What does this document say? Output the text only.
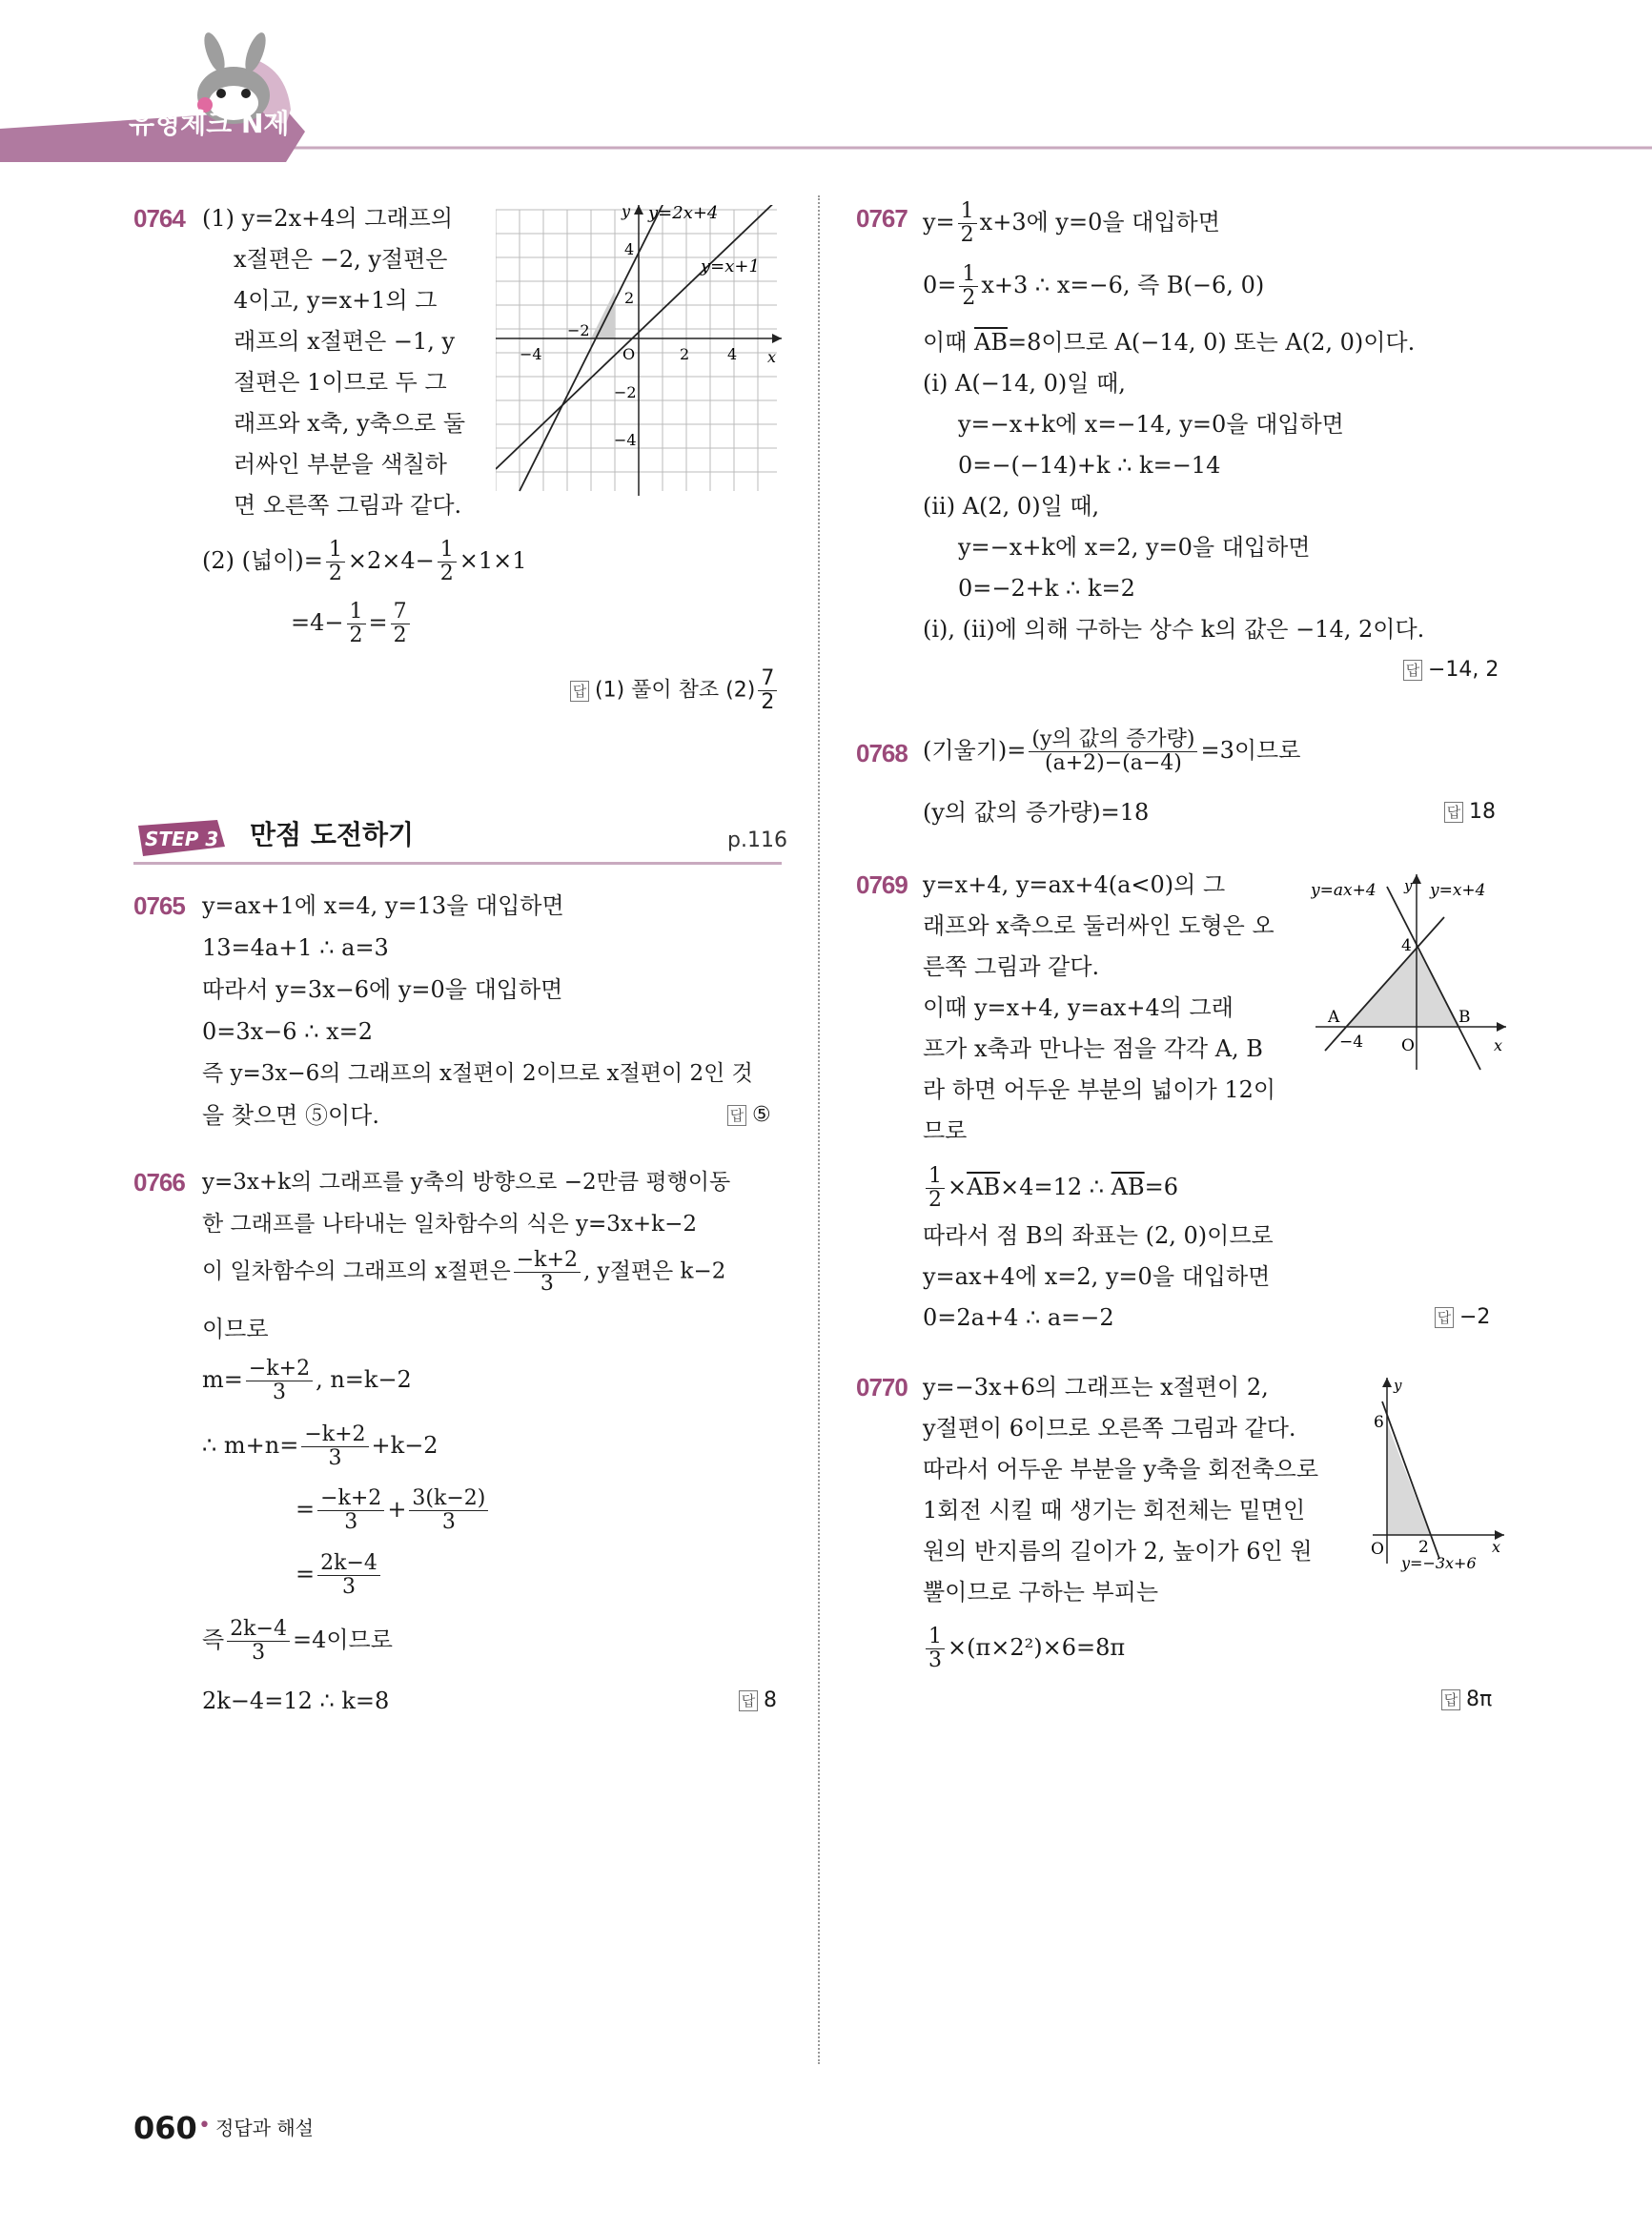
유형체크 N제
0764 (1) y=2x+4의 그래프의
x절편은 −2, y절편은
4이고, y=x+1의 그
래프의 x절편은 −1, y
절편은 1이므로 두 그
래프와 x축, y축으로 둘
러싸인 부분을 색칠하
면 오른쪽 그림과 같다.
y=2x+4
y=x+1
y
x
O
4
2
−2
−4
2 4
−2
−4
(2) (넓이)= $\frac{1}{2} \times 2\times 4- \frac{1}{2} \times 1\times 1$
$=4- \frac{1}{2} = \frac{7}{2}$
답 (1) 풀이 참조 $(2) \frac{7}{2}$
STEP 3 만점 도전하기	p.116
0765 y=ax+1에 x=4, y=13을 대입하면
13=4a+1 ∴ a=3
따라서 y=3x−6에 y=0을 대입하면
0=3x−6 ∴ x=2
즉 y=3x−6의 그래프의 x절편이 2이므로 x절편이 2인 것
을 찾으면 ⑤이다.	답 ⑤
0766 y=3x+k의 그래프를 y축의 방향으로 −2만큼 평행이동
한 그래프를 나타내는 일차함수의 식은 y=3x+k−2
이 일차함수의 그래프의 x절편은 $\frac{-k+2}{3}$ , y절편은 k−2
이므로
$m= \frac{-k+2}{3}$ , n=k−2
∴ $m+n= \frac{-k+2}{3} +k-2$
= $\frac{-k+2}{3} + \frac{3(k-2)}{3}$
= $\frac{2k-4}{3}$
즉 $\frac{2k-4}{3} =4$이므로
2k−4=12 ∴ k=8	답 8
0767 $y= \frac{1}{2} x+3$에 y=0을 대입하면
$0= \frac{1}{2} x+3$ ∴ x=−6, 즉 B(−6, 0)
이때 $\overline{AB}=8$이므로 A(−14, 0) 또는 A(2, 0)이다.
(i) A(−14, 0)일 때,
y=−x+k에 x=−14, y=0을 대입하면
0=−(−14)+k ∴ k=−14
(ii) A(2, 0)일 때,
y=−x+k에 x=2, y=0을 대입하면
0=−2+k ∴ k=2
(i), (ii)에 의해 구하는 상수 k의 값은 −14, 2이다.
답 −14, 2
0768 (기울기)= $\frac{\text{(y의 값의 증가량)}}{(a+2)-(a-4)} =3$이므로
(y의 값의 증가량)=18	답 18
0769 y=x+4, y=ax+4(a<0)의 그
래프와 x축으로 둘러싸인 도형은 오
른쪽 그림과 같다.
이때 y=x+4, y=ax+4의 그래
프가 x축과 만나는 점을 각각 A, B
라 하면 어두운 부분의 넓이가 12이
므로
$\frac{1}{2} \times\overline{AB}\times 4=12$ ∴ $\overline{AB}=6$
따라서 점 B의 좌표는 (2, 0)이므로
y=ax+4에 x=2, y=0을 대입하면
0=2a+4 ∴ a=−2	답 −2
y=ax+4	y=x+4
y
x
O
4
A	B
−4
0770 y=−3x+6의 그래프는 x절편이 2,
y절편이 6이므로 오른쪽 그림과 같다.
따라서 어두운 부분을 y축을 회전축으로
1회전 시킬 때 생기는 회전체는 밑면인
원의 반지름의 길이가 2, 높이가 6인 원
뿔이므로 구하는 부피는
$\frac{1}{3} \times(\pi\times 2^2)\times 6=8\pi$
답 8π
y
x
O
6
2
y=−3x+6
060 • 정답과 해설
